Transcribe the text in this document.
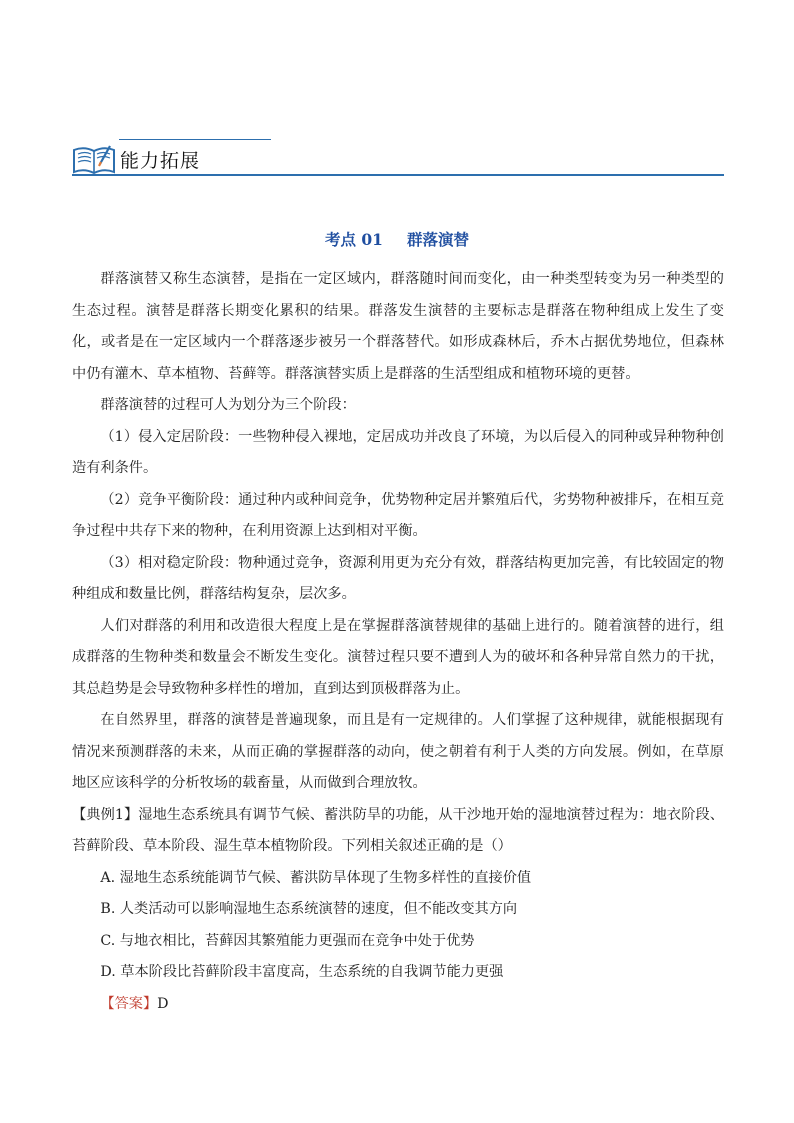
能力拓展
考点 01 群落演替

群落演替又称生态演替，是指在一定区域内，群落随时间而变化，由一种类型转变为另一种类型的生态过程。演替是群落长期变化累积的结果。群落发生演替的主要标志是群落在物种组成上发生了变化，或者是在一定区域内一个群落逐步被另一个群落替代。如形成森林后，乔木占据优势地位，但森林中仍有灌木、草本植物、苔藓等。群落演替实质上是群落的生活型组成和植物环境的更替。

群落演替的过程可人为划分为三个阶段：

（1）侵入定居阶段：一些物种侵入裸地，定居成功并改良了环境，为以后侵入的同种或异种物种创造有利条件。

（2）竞争平衡阶段：通过种内或种间竞争，优势物种定居并繁殖后代，劣势物种被排斥，在相互竞争过程中共存下来的物种，在利用资源上达到相对平衡。

（3）相对稳定阶段：物种通过竞争，资源利用更为充分有效，群落结构更加完善，有比较固定的物种组成和数量比例，群落结构复杂，层次多。

人们对群落的利用和改造很大程度上是在掌握群落演替规律的基础上进行的。随着演替的进行，组成群落的生物种类和数量会不断发生变化。演替过程只要不遭到人为的破坏和各种异常自然力的干扰，其总趋势是会导致物种多样性的增加，直到达到顶极群落为止。

在自然界里，群落的演替是普遍现象，而且是有一定规律的。人们掌握了这种规律，就能根据现有情况来预测群落的未来，从而正确的掌握群落的动向，使之朝着有利于人类的方向发展。例如，在草原地区应该科学的分析牧场的载畜量，从而做到合理放牧。

【典例1】湿地生态系统具有调节气候、蓄洪防旱的功能，从干沙地开始的湿地演替过程为：地衣阶段、苔藓阶段、草本阶段、湿生草本植物阶段。下列相关叙述正确的是（）

A. 湿地生态系统能调节气候、蓄洪防旱体现了生物多样性的直接价值

B. 人类活动可以影响湿地生态系统演替的速度，但不能改变其方向

C. 与地衣相比，苔藓因其繁殖能力更强而在竞争中处于优势

D. 草本阶段比苔藓阶段丰富度高，生态系统的自我调节能力更强

【答案】D
